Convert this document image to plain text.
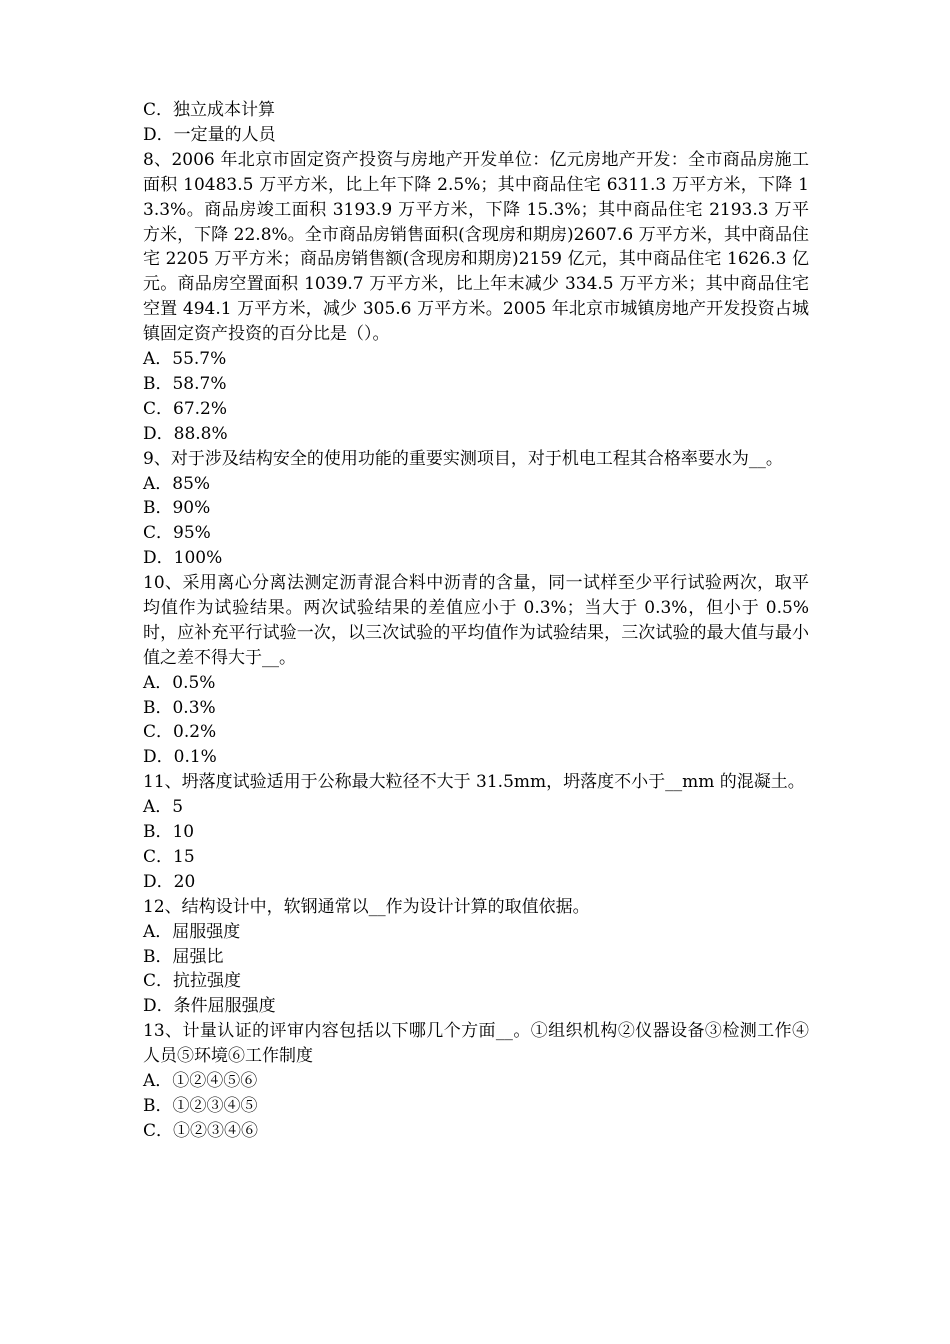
C．独立成本计算
D．一定量的人员
8、2006 年北京市固定资产投资与房地产开发单位：亿元房地产开发：全市商品房施工面积 10483.5 万平方米，比上年下降 2.5%；其中商品住宅 6311.3 万平方米，下降 13.3%。商品房竣工面积 3193.9 万平方米，下降 15.3%；其中商品住宅 2193.3 万平方米，下降 22.8%。全市商品房销售面积(含现房和期房)2607.6 万平方米，其中商品住宅 2205 万平方米；商品房销售额(含现房和期房)2159 亿元，其中商品住宅 1626.3 亿元。商品房空置面积 1039.7 万平方米，比上年末减少 334.5 万平方米；其中商品住宅空置 494.1 万平方米，减少 305.6 万平方米。2005 年北京市城镇房地产开发投资占城镇固定资产投资的百分比是（）。
A．55.7%
B．58.7%
C．67.2%
D．88.8%
9、对于涉及结构安全的使用功能的重要实测项目，对于机电工程其合格率要水为__。
A．85%
B．90%
C．95%
D．100%
10、采用离心分离法测定沥青混合料中沥青的含量，同一试样至少平行试验两次，取平均值作为试验结果。两次试验结果的差值应小于 0.3%；当大于 0.3%，但小于 0.5%时，应补充平行试验一次，以三次试验的平均值作为试验结果，三次试验的最大值与最小值之差不得大于__。
A．0.5%
B．0.3%
C．0.2%
D．0.1%
11、坍落度试验适用于公称最大粒径不大于 31.5mm，坍落度不小于__mm 的混凝土。
A．5
B．10
C．15
D．20
12、结构设计中，软钢通常以__作为设计计算的取值依据。
A．屈服强度
B．屈强比
C．抗拉强度
D．条件屈服强度
13、计量认证的评审内容包括以下哪几个方面__。①组织机构②仪器设备③检测工作④人员⑤环境⑥工作制度
A．①②④⑤⑥
B．①②③④⑤
C．①②③④⑥
